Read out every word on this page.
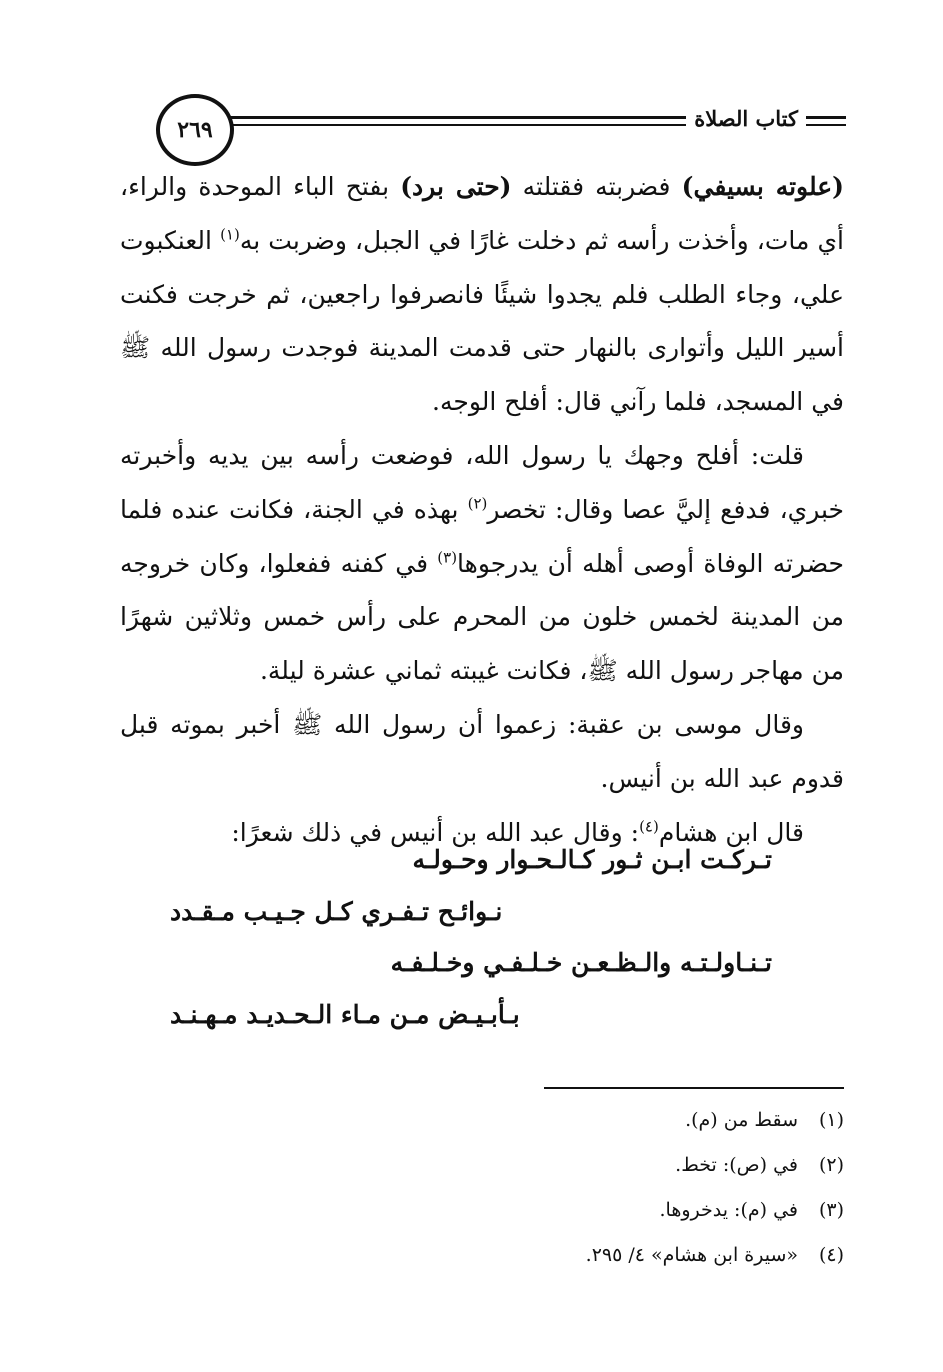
كتاب الصلاة
٢٦٩

(علوته بسيفي) فضربته فقتلته (حتى برد) بفتح الباء الموحدة والراء، أي مات، وأخذت رأسه ثم دخلت غارًا في الجبل، وضربت به$^{(١)}$ العنكبوت علي، وجاء الطلب فلم يجدوا شيئًا فانصرفوا راجعين، ثم خرجت فكنت أسير الليل وأتوارى بالنهار حتى قدمت المدينة فوجدت رسول الله ﷺ في المسجد، فلما رآني قال: أفلح الوجه.

قلت: أفلح وجهك يا رسول الله، فوضعت رأسه بين يديه وأخبرته خبري، فدفع إليَّ عصا وقال: تخصر$^{(٢)}$ بهذه في الجنة، فكانت عنده فلما حضرته الوفاة أوصى أهله أن يدرجوها$^{(٣)}$ في كفنه ففعلوا، وكان خروجه من المدينة لخمس خلون من المحرم على رأس خمس وثلاثين شهرًا من مهاجر رسول الله ﷺ، فكانت غيبته ثماني عشرة ليلة.

وقال موسى بن عقبة: زعموا أن رسول الله ﷺ أخبر بموته قبل قدوم عبد الله بن أنيس.

قال ابن هشام$^{(٤)}$: وقال عبد الله بن أنيس في ذلك شعرًا:

تـركـت ابـن ثـور كـالـحـوار وحـولـه
نـوائـح تـفـري كـل جـيـب مـقـدد
تـنـاولـتـه والـظـعـن خـلـفـي وخـلـفـه
بـأبـيـض مـن مـاء الـحـديـد مـهـنـد
(١)
سقط من (م).
(٢)
في (ص): تخط.
(٣)
في (م): يدخروها.
(٤)
«سيرة ابن هشام» ٤/ ٢٩٥.
